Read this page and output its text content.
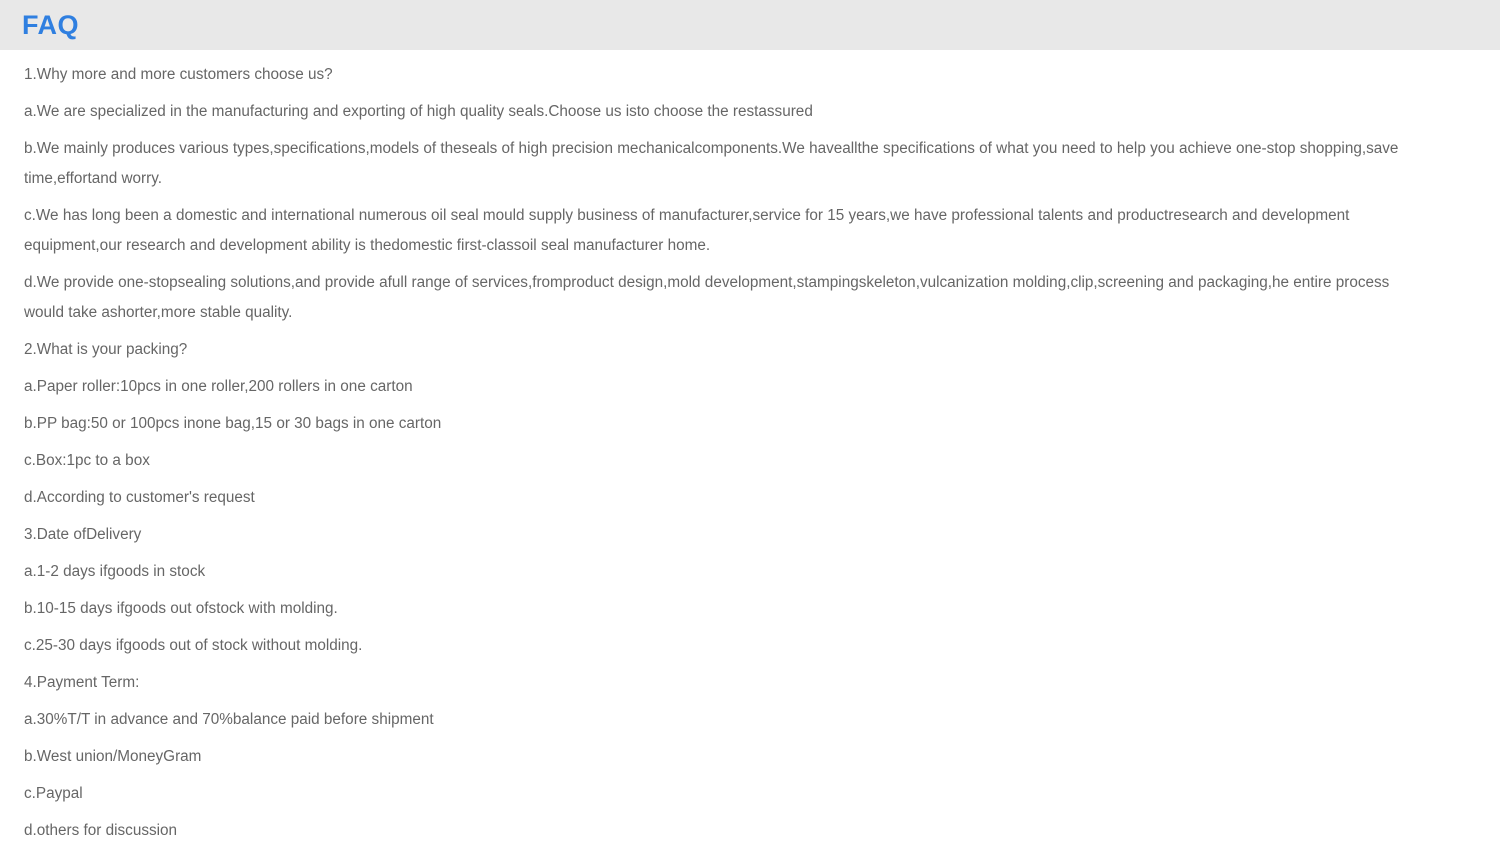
FAQ

1.Why more and more customers choose us?

a.We are specialized in the manufacturing and exporting of high quality seals.Choose us isto choose the restassured

b.We mainly produces various types,specifications,models of theseals of high precision mechanicalcomponents.We haveallthe specifications of what you need to help you achieve one-stop shopping,save time,effortand worry.

c.We has long been a domestic and international numerous oil seal mould supply business of manufacturer,service for 15 years,we have professional talents and productresearch and development equipment,our research and development ability is thedomestic first-classoil seal manufacturer home.

d.We provide one-stopsealing solutions,and provide afull range of services,fromproduct design,mold development,stampingskeleton,vulcanization molding,clip,screening and packaging,he entire process would take ashorter,more stable quality.

2.What is your packing?

a.Paper roller:10pcs in one roller,200 rollers in one carton

b.PP bag:50 or 100pcs inone bag,15 or 30 bags in one carton

c.Box:1pc to a box

d.According to customer's request

3.Date ofDelivery

a.1-2 days ifgoods in stock

b.10-15 days ifgoods out ofstock with molding.

c.25-30 days ifgoods out of stock without molding.

4.Payment Term:

a.30%T/T in advance and 70%balance paid before shipment

b.West union/MoneyGram

c.Paypal

d.others for discussion
